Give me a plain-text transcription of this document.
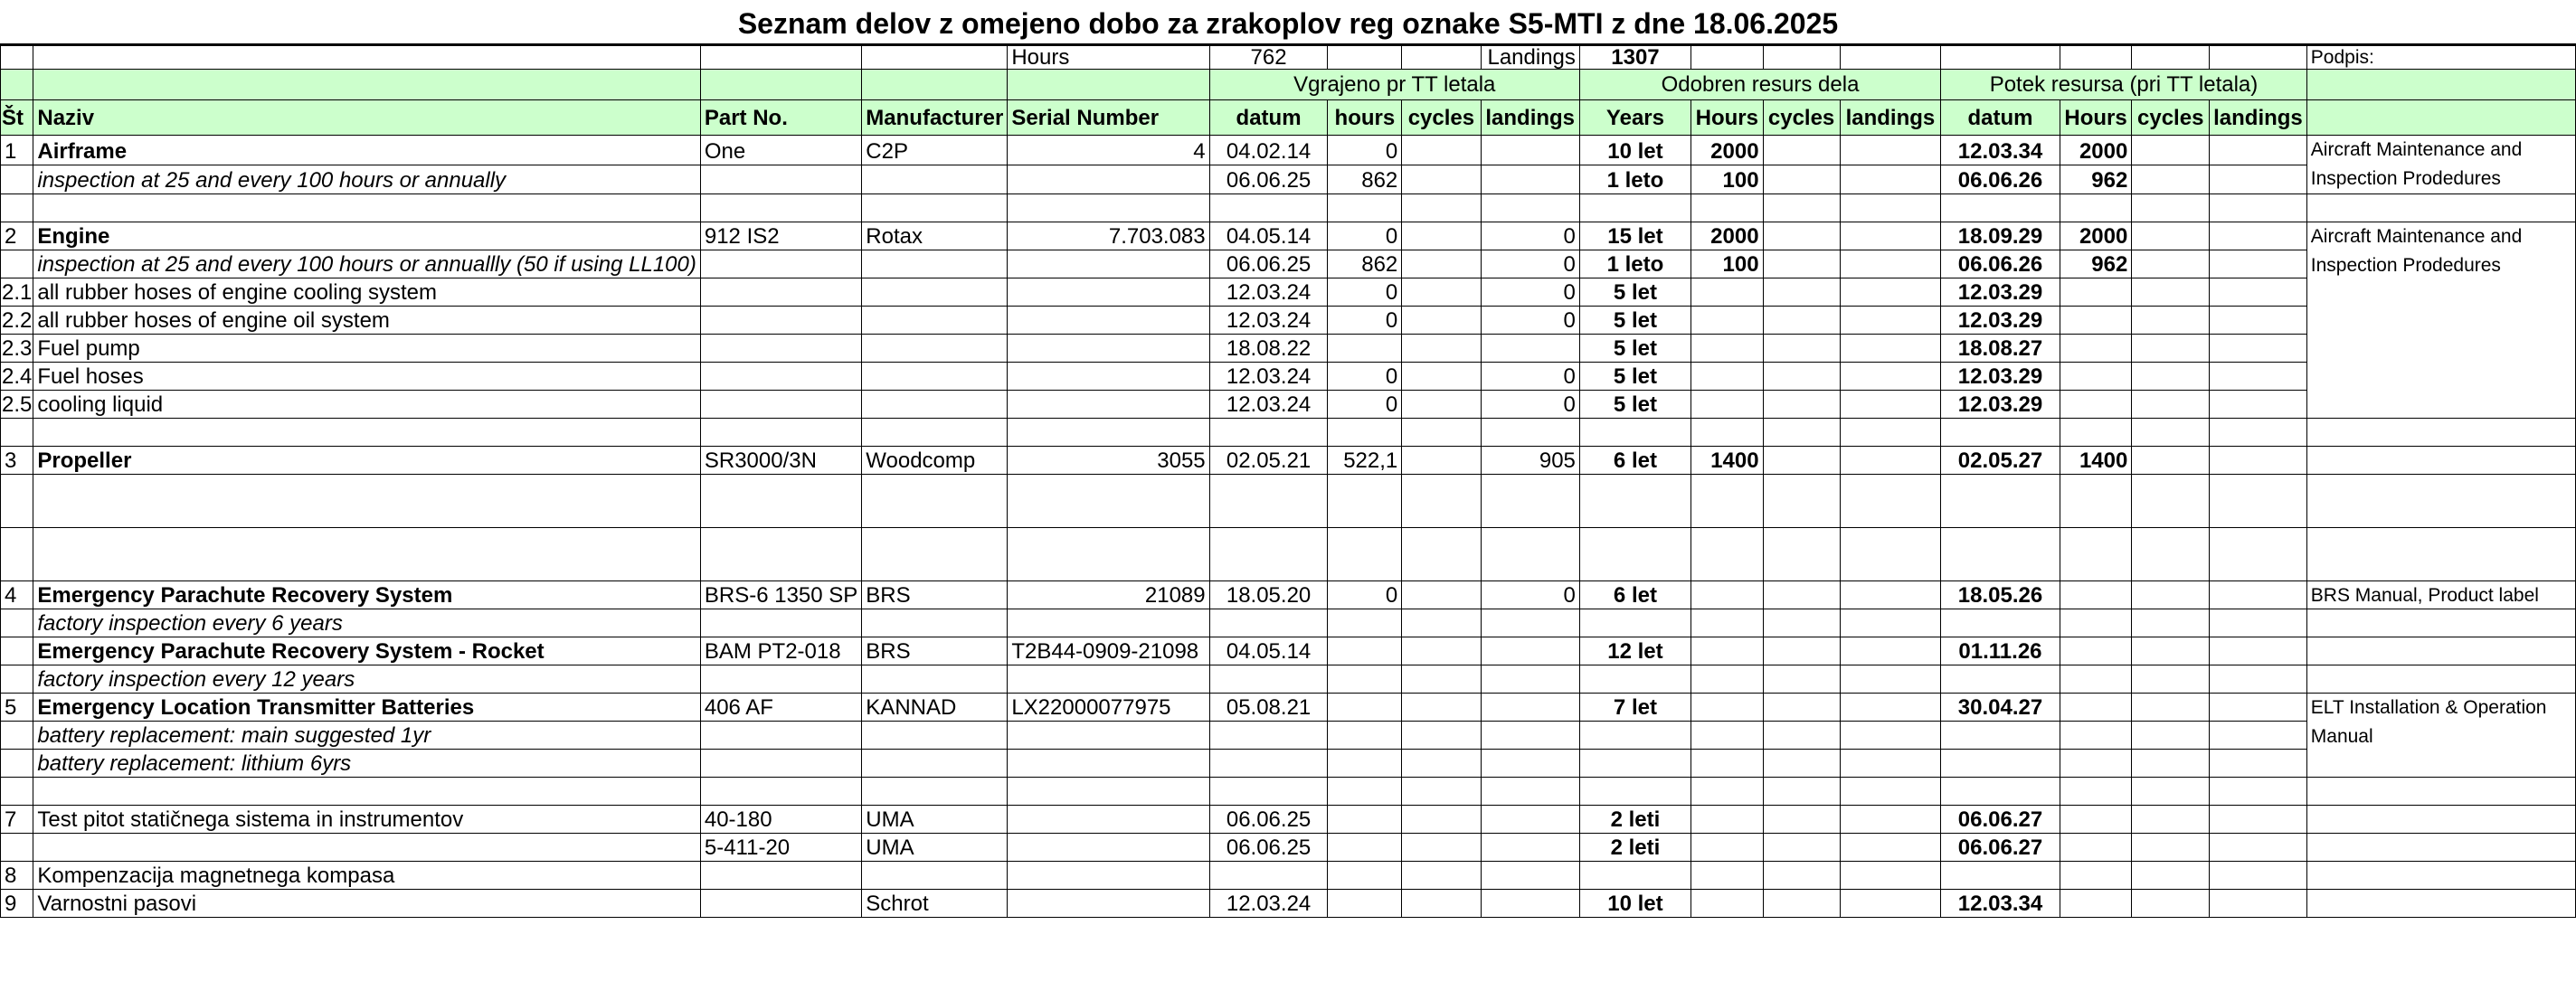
Seznam delov z omejeno dobo za zrakoplov reg oznake S5-MTI z dne 18.06.2025
				Hours	762			Landings	1307								Podpis:
					Vgrajeno pr TT letala				Odobren resurs dela				Potek resursa (pri TT letala)				
Št	Naziv	Part No.	Manufacturer	Serial Number	datum	hours	cycles	landings	Years	Hours	cycles	landings	datum	Hours	cycles	landings	
1	Airframe	One	C2P	4	04.02.14	0			10 let	2000			12.03.34	2000			Aircraft Maintenance and Inspection Prodedures
	inspection at 25 and every 100 hours or annually				06.06.25	862			1 leto	100			06.06.26	962			

2	Engine	912 IS2	Rotax	7.703.083	04.05.14	0		0	15 let	2000			18.09.29	2000			Aircraft Maintenance and Inspection Prodedures
	inspection at 25 and every 100 hours or annuallly (50 if using LL100)				06.06.25	862		0	1 leto	100			06.06.26	962			
2.1	all rubber hoses of engine cooling system				12.03.24	0		0	5 let				12.03.29				
2.2	all rubber hoses of engine oil system				12.03.24	0		0	5 let				12.03.29				
2.3	Fuel pump				18.08.22				5 let				18.08.27				
2.4	Fuel hoses				12.03.24	0		0	5 let				12.03.29				
2.5	cooling liquid				12.03.24	0		0	5 let				12.03.29				

3	Propeller	SR3000/3N	Woodcomp	3055	02.05.21	522,1		905	6 let	1400			02.05.27	1400			

4	Emergency Parachute Recovery System	BRS-6 1350 SP	BRS	21089	18.05.20	0		0	6 let				18.05.26				BRS Manual, Product label
	factory inspection every 6 years																
	Emergency Parachute Recovery System - Rocket	BAM PT2-018	BRS	T2B44-0909-21098	04.05.14				12 let				01.11.26				
	factory inspection every 12 years																
5	Emergency Location Transmitter Batteries	406 AF	KANNAD	LX22000077975	05.08.21				7 let				30.04.27				ELT Installation & Operation Manual
	battery replacement: main suggested 1yr																
	battery replacement: lithium 6yrs																

7	Test pitot statičnega sistema in instrumentov	40-180	UMA		06.06.25				2 leti				06.06.27				
		5-411-20	UMA		06.06.25				2 leti				06.06.27				
8	Kompenzacija magnetnega kompasa																
9	Varnostni pasovi		Schrot		12.03.24				10 let				12.03.34				
